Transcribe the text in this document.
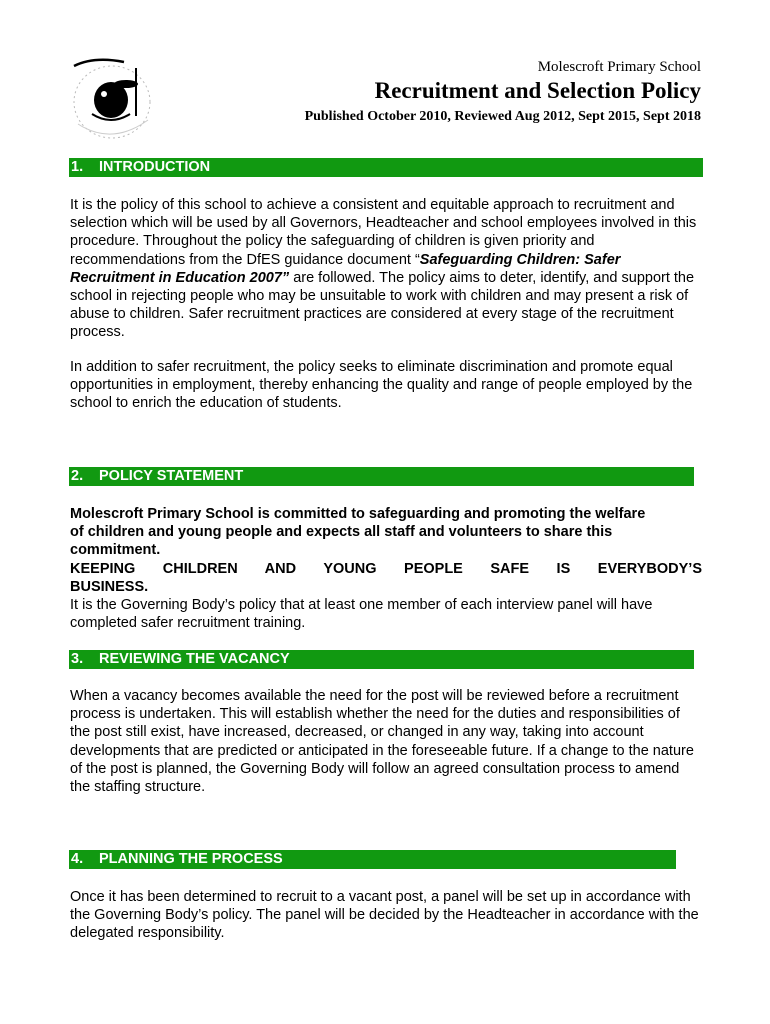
Molescroft Primary School
Recruitment and Selection Policy
Published October 2010, Reviewed Aug 2012, Sept 2015, Sept 2018
1. INTRODUCTION

It is the policy of this school to achieve a consistent and equitable approach to recruitment and selection which will be used by all Governors, Headteacher and school employees involved in this procedure. Throughout the policy the safeguarding of children is given priority and recommendations from the DfES guidance document “Safeguarding Children: Safer Recruitment in Education 2007” are followed. The policy aims to deter, identify, and support the school in rejecting people who may be unsuitable to work with children and may present a risk of abuse to children. Safer recruitment practices are considered at every stage of the recruitment process.

In addition to safer recruitment, the policy seeks to eliminate discrimination and promote equal opportunities in employment, thereby enhancing the quality and range of people employed by the school to enrich the education of students.

2. POLICY STATEMENT

Molescroft Primary School is committed to safeguarding and promoting the welfare of children and young people and expects all staff and volunteers to share this commitment.

KEEPING CHILDREN AND YOUNG PEOPLE SAFE IS EVERYBODY’S

BUSINESS.

It is the Governing Body’s policy that at least one member of each interview panel will have completed safer recruitment training.

3. REVIEWING THE VACANCY

When a vacancy becomes available the need for the post will be reviewed before a recruitment process is undertaken. This will establish whether the need for the duties and responsibilities of the post still exist, have increased, decreased, or changed in any way, taking into account developments that are predicted or anticipated in the foreseeable future. If a change to the nature of the post is planned, the Governing Body will follow an agreed consultation process to amend the staffing structure.

4. PLANNING THE PROCESS

Once it has been determined to recruit to a vacant post, a panel will be set up in accordance with the Governing Body’s policy. The panel will be decided by the Headteacher in accordance with the delegated responsibility.
